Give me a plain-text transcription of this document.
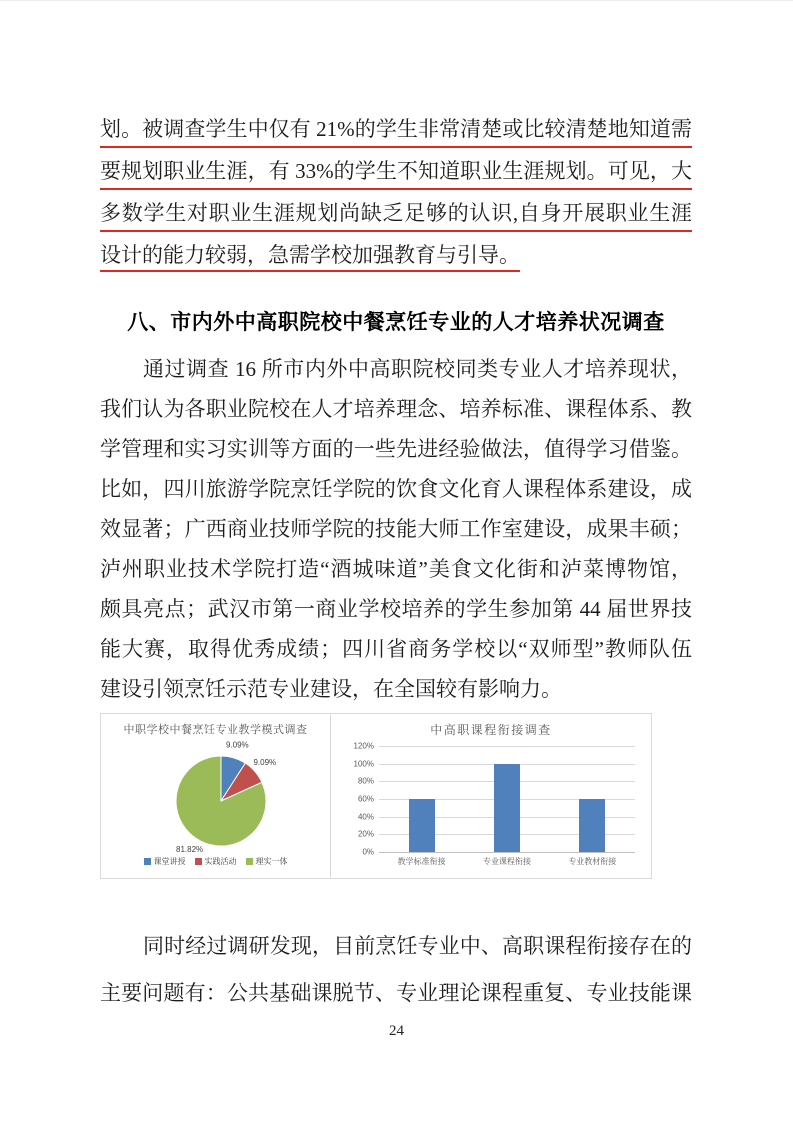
划。被调查学生中仅有 21%的学生非常清楚或比较清楚地知道需
要规划职业生涯，有 33%的学生不知道职业生涯规划。可见，大
多数学生对职业生涯规划尚缺乏足够的认识,自身开展职业生涯
设计的能力较弱，急需学校加强教育与引导。
八、市内外中高职院校中餐烹饪专业的人才培养状况调查
通过调查 16 所市内外中高职院校同类专业人才培养现状，
我们认为各职业院校在人才培养理念、培养标准、课程体系、教
学管理和实习实训等方面的一些先进经验做法，值得学习借鉴。
比如，四川旅游学院烹饪学院的饮食文化育人课程体系建设，成
效显著；广西商业技师学院的技能大师工作室建设，成果丰硕；
泸州职业技术学院打造“酒城味道”美食文化街和泸菜博物馆，
颇具亮点；武汉市第一商业学校培养的学生参加第 44 届世界技
能大赛，取得优秀成绩；四川省商务学校以“双师型”教师队伍
建设引领烹饪示范专业建设，在全国较有影响力。
中职学校中餐烹饪专业教学模式调查
9.09%
9.09%
81.82%
课堂讲授 实践活动 理实一体
中高职课程衔接调查
120%
100%
80%
60%
40%
20%
0%
教学标准衔接	专业课程衔接	专业教材衔接
同时经过调研发现，目前烹饪专业中、高职课程衔接存在的
主要问题有：公共基础课脱节、专业理论课程重复、专业技能课
24
